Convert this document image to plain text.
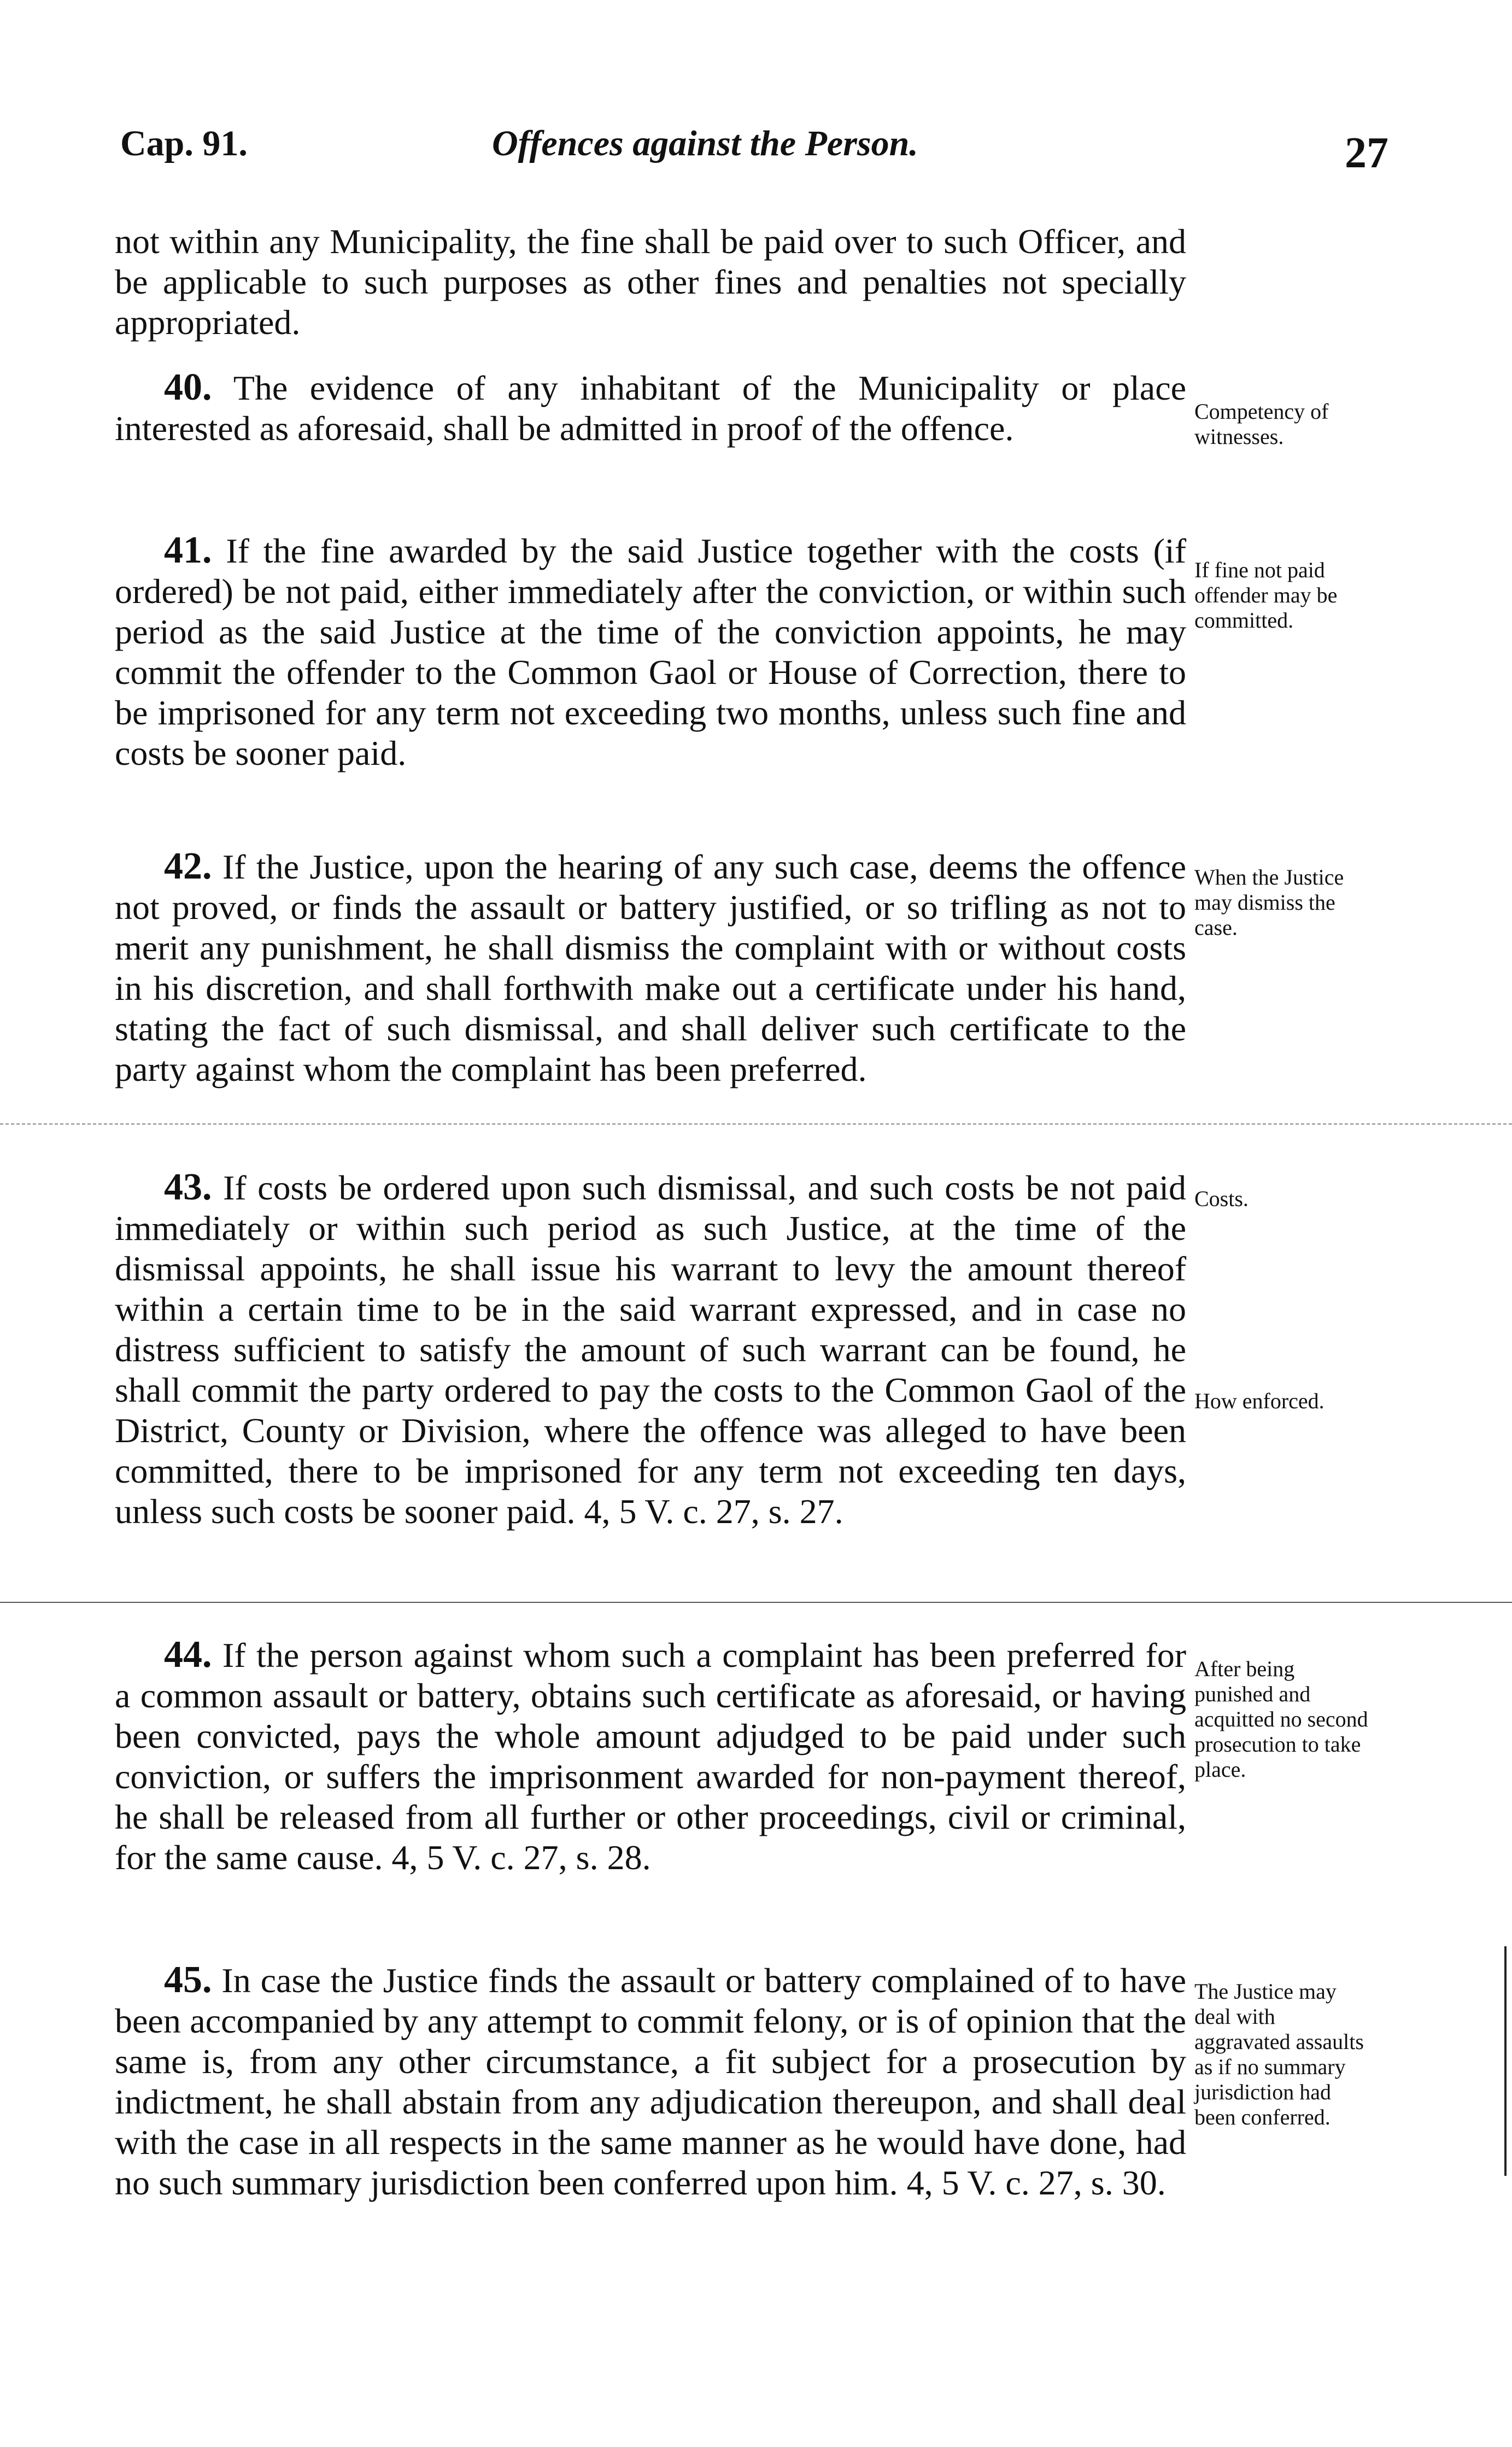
Cap. 91.	Offences against the Person.	27
not within any Municipality, the fine shall be paid over to such Officer, and be applicable to such purposes as other fines and penalties not specially appropriated.
40. The evidence of any inhabitant of the Municipality or place interested as aforesaid, shall be admitted in proof of the offence.	Competency of witnesses.
41. If the fine awarded by the said Justice together with the costs (if ordered) be not paid, either immediately after the conviction, or within such period as the said Justice at the time of the conviction appoints, he may commit the offender to the Common Gaol or House of Correction, there to be imprisoned for any term not exceeding two months, unless such fine and costs be sooner paid.
If fine not paid offender may be committed.
42. If the Justice, upon the hearing of any such case, deems the offence not proved, or finds the assault or battery justified, or so trifling as not to merit any punishment, he shall dismiss the complaint with or without costs in his discretion, and shall forthwith make out a certificate under his hand, stating the fact of such dismissal, and shall deliver such certificate to the party against whom the complaint has been preferred.
When the Justice may dismiss the case.
43. If costs be ordered upon such dismissal, and such costs be not paid immediately or within such period as such Justice, at the time of the dismissal appoints, he shall issue his warrant to levy the amount thereof within a certain time to be in the said warrant expressed, and in case no distress sufficient to satisfy the amount of such warrant can be found, he shall commit the party ordered to pay the costs to the Common Gaol of the District, County or Division, where the offence was alleged to have been committed, there to be imprisoned for any term not exceeding ten days, unless such costs be sooner paid. 4, 5 V. c. 27, s. 27.
Costs.
How enforced.
44. If the person against whom such a complaint has been preferred for a common assault or battery, obtains such certificate as aforesaid, or having been convicted, pays the whole amount adjudged to be paid under such conviction, or suffers the imprisonment awarded for non-payment thereof, he shall be released from all further or other proceedings, civil or criminal, for the same cause. 4, 5 V. c. 27, s. 28.
After being punished and acquitted no second prosecution to take place.
45. In case the Justice finds the assault or battery complained of to have been accompanied by any attempt to commit felony, or is of opinion that the same is, from any other circumstance, a fit subject for a prosecution by indictment, he shall abstain from any adjudication thereupon, and shall deal with the case in all respects in the same manner as he would have done, had no such summary jurisdiction been conferred upon him. 4, 5 V. c. 27, s. 30.
The Justice may deal with aggravated assaults as if no summary jurisdiction had been conferred.
